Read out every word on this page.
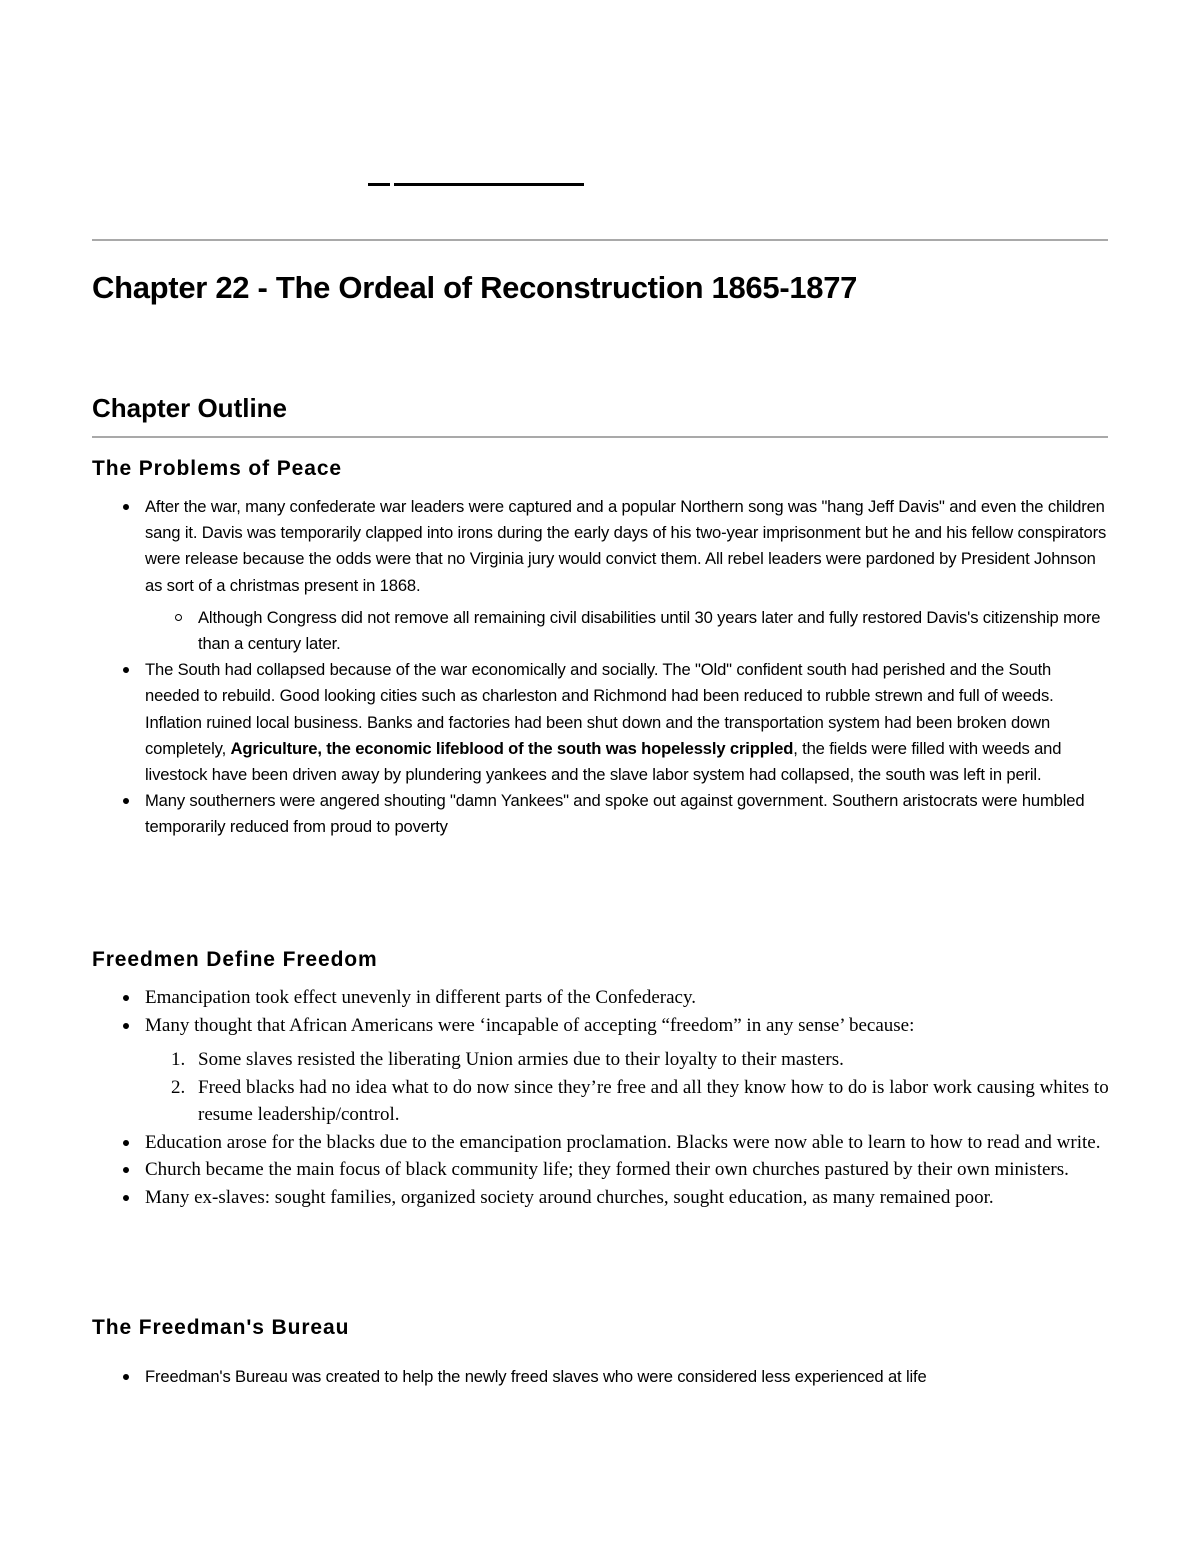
Chapter 22 - The Ordeal of Reconstruction 1865-1877
Chapter Outline
The Problems of Peace
After the war, many confederate war leaders were captured and a popular Northern song was "hang Jeff Davis" and even the children sang it. Davis was temporarily clapped into irons during the early days of his two-year imprisonment but he and his fellow conspirators were release because the odds were that no Virginia jury would convict them. All rebel leaders were pardoned by President Johnson as sort of a christmas present in 1868.
Although Congress did not remove all remaining civil disabilities until 30 years later and fully restored Davis's citizenship more than a century later.
The South had collapsed because of the war economically and socially. The "Old" confident south had perished and the South needed to rebuild. Good looking cities such as charleston and Richmond had been reduced to rubble strewn and full of weeds. Inflation ruined local business. Banks and factories had been shut down and the transportation system had been broken down completely, Agriculture, the economic lifeblood of the south was hopelessly crippled, the fields were filled with weeds and livestock have been driven away by plundering yankees and the slave labor system had collapsed, the south was left in peril.
Many southerners were angered shouting "damn Yankees" and spoke out against government. Southern aristocrats were humbled temporarily reduced from proud to poverty
Freedmen Define Freedom
Emancipation took effect unevenly in different parts of the Confederacy.
Many thought that African Americans were ‘incapable of accepting “freedom” in any sense’ because:
1. Some slaves resisted the liberating Union armies due to their loyalty to their masters.
2. Freed blacks had no idea what to do now since they’re free and all they know how to do is labor work causing whites to resume leadership/control.
Education arose for the blacks due to the emancipation proclamation. Blacks were now able to learn to how to read and write.
Church became the main focus of black community life; they formed their own churches pastured by their own ministers.
Many ex-slaves: sought families, organized society around churches, sought education, as many remained poor.
The Freedman's Bureau
Freedman's Bureau was created to help the newly freed slaves who were considered less experienced at life
